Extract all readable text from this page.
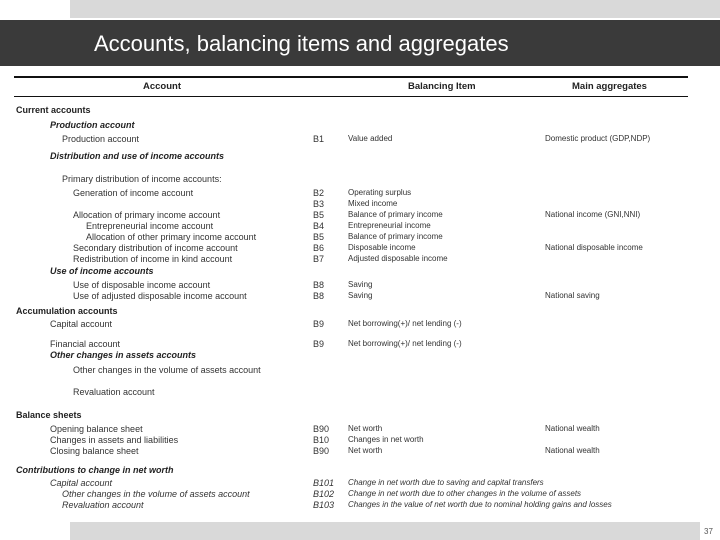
Accounts, balancing items and aggregates
Account	Balancing Item	Main aggregates
Current accounts
Production account
Production account	B1	Value added	Domestic product (GDP,NDP)
Distribution and use of income accounts
Primary distribution of income accounts:
Generation of income account	B2	Operating surplus
B3	Mixed income
Allocation of primary income account	B5	Balance of primary income	National income (GNI,NNI)
Entrepreneurial income account	B4	Entrepreneurial income
Allocation of other primary income account	B5	Balance of primary income
Secondary distribution of income account	B6	Disposable income	National disposable income
Redistribution of income in kind account	B7	Adjusted disposable income
Use of income accounts
Use of disposable income account	B8	Saving
Use of adjusted disposable income account	B8	Saving	National saving
Accumulation accounts
Capital account	B9	Net borrowing(+)/ net lending (-)
Financial account	B9	Net borrowing(+)/ net lending (-)
Other changes in assets accounts
Other changes in the volume of assets account
Revaluation account
Balance sheets
Opening balance sheet	B90 Net worth	National wealth
Changes in assets and liabilities	B10 Changes in net worth
Closing balance sheet	B90 Net worth	National wealth
Contributions to change in net worth
Capital account	B101 Change in net worth due to saving and capital transfers
Other changes in the volume of assets account	B102 Change in net worth due to other changes in the volume of assets
Revaluation account	B103 Changes in the value of net worth due to nominal holding gains and losses
37
